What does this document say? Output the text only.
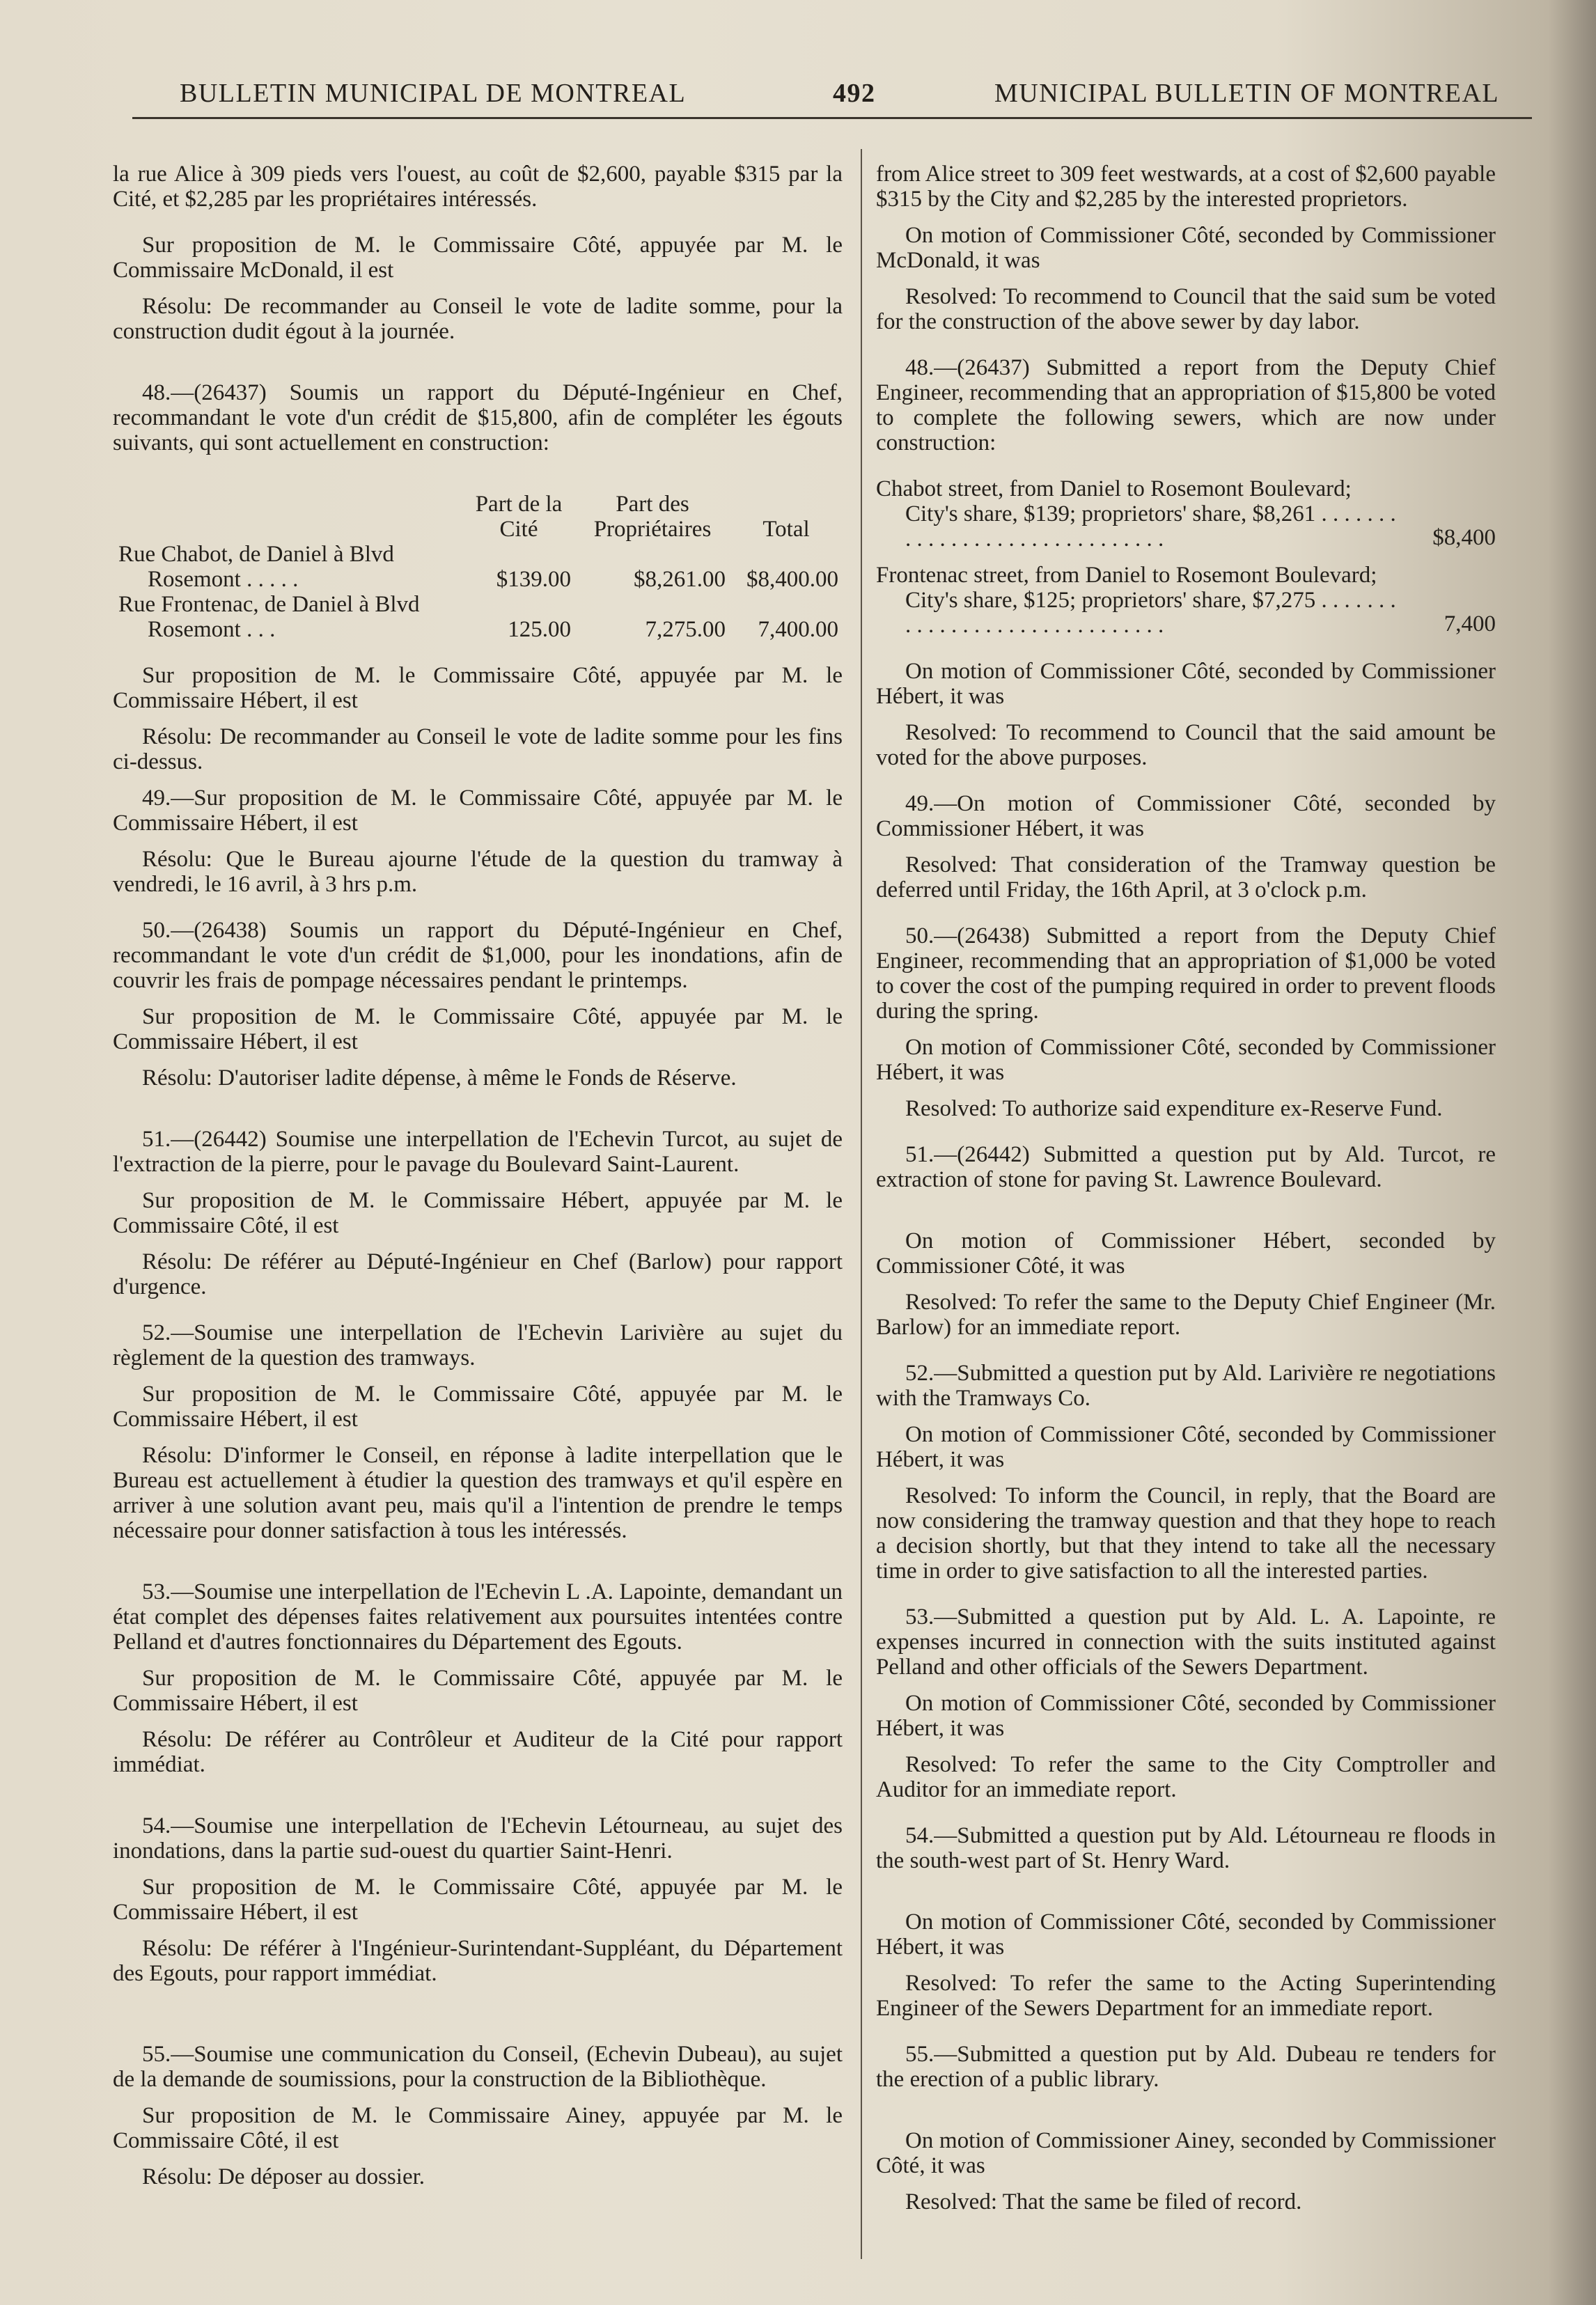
BULLETIN MUNICIPAL DE MONTREAL	492	MUNICIPAL BULLETIN OF MONTREAL

la rue Alice à 309 pieds vers l'ouest, au coût de $2,600, payable $315 par la Cité, et $2,285 par les propriétaires intéressés.

Sur proposition de M. le Commissaire Côté, appuyée par M. le Commissaire McDonald, il est

Résolu: De recommander au Conseil le vote de ladite somme, pour la construction dudit égout à la journée.

48.—(26437) Soumis un rapport du Député-Ingénieur en Chef, recommandant le vote d'un crédit de $15,800, afin de compléter les égouts suivants, qui sont actuellement en construction:

	Part de la Cité	Part des Propriétaires	Total
Rue Chabot, de Daniel à Blvd Rosemont . . . . .	$139.00	$8,261.00	$8,400.00
Rue Frontenac, de Daniel à Blvd Rosemont . . .	125.00	7,275.00	7,400.00

Sur proposition de M. le Commissaire Côté, appuyée par M. le Commissaire Hébert, il est

Résolu: De recommander au Conseil le vote de ladite somme pour les fins ci-dessus.

49.—Sur proposition de M. le Commissaire Côté, appuyée par M. le Commissaire Hébert, il est

Résolu: Que le Bureau ajourne l'étude de la question du tramway à vendredi, le 16 avril, à 3 hrs p.m.

50.—(26438) Soumis un rapport du Député-Ingénieur en Chef, recommandant le vote d'un crédit de $1,000, pour les inondations, afin de couvrir les frais de pompage nécessaires pendant le printemps.

Sur proposition de M. le Commissaire Côté, appuyée par M. le Commissaire Hébert, il est

Résolu: D'autoriser ladite dépense, à même le Fonds de Réserve.

51.—(26442) Soumise une interpellation de l'Echevin Turcot, au sujet de l'extraction de la pierre, pour le pavage du Boulevard Saint-Laurent.

Sur proposition de M. le Commissaire Hébert, appuyée par M. le Commissaire Côté, il est

Résolu: De référer au Député-Ingénieur en Chef (Barlow) pour rapport d'urgence.

52.—Soumise une interpellation de l'Echevin Larivière au sujet du règlement de la question des tramways.

Sur proposition de M. le Commissaire Côté, appuyée par M. le Commissaire Hébert, il est

Résolu: D'informer le Conseil, en réponse à ladite interpellation que le Bureau est actuellement à étudier la question des tramways et qu'il espère en arriver à une solution avant peu, mais qu'il a l'intention de prendre le temps nécessaire pour donner satisfaction à tous les intéressés.

53.—Soumise une interpellation de l'Echevin L .A. Lapointe, demandant un état complet des dépenses faites relativement aux poursuites intentées contre Pelland et d'autres fonctionnaires du Département des Egouts.

Sur proposition de M. le Commissaire Côté, appuyée par M. le Commissaire Hébert, il est

Résolu: De référer au Contrôleur et Auditeur de la Cité pour rapport immédiat.

54.—Soumise une interpellation de l'Echevin Létourneau, au sujet des inondations, dans la partie sud-ouest du quartier Saint-Henri.

Sur proposition de M. le Commissaire Côté, appuyée par M. le Commissaire Hébert, il est

Résolu: De référer à l'Ingénieur-Surintendant-Suppléant, du Département des Egouts, pour rapport immédiat.

55.—Soumise une communication du Conseil, (Echevin Dubeau), au sujet de la demande de soumissions, pour la construction de la Bibliothèque.

Sur proposition de M. le Commissaire Ainey, appuyée par M. le Commissaire Côté, il est

Résolu: De déposer au dossier.

from Alice street to 309 feet westwards, at a cost of $2,600 payable $315 by the City and $2,285 by the interested proprietors.

On motion of Commissioner Côté, seconded by Commissioner McDonald, it was

Resolved: To recommend to Council that the said sum be voted for the construction of the above sewer by day labor.

48.—(26437) Submitted a report from the Deputy Chief Engineer, recommending that an appropriation of $15,800 be voted to complete the following sewers, which are now under construction:

Chabot street, from Daniel to Rosemont Boulevard; City's share, $139; proprietors' share, $8,261 . . . . . . . . . . . . . . . . . . . . . . . . . . . . . .	$8,400
Frontenac street, from Daniel to Rosemont Boulevard; City's share, $125; proprietors' share, $7,275 . . . . . . . . . . . . . . . . . . . . . . . . . . . . . .	7,400

On motion of Commissioner Côté, seconded by Commissioner Hébert, it was

Resolved: To recommend to Council that the said amount be voted for the above purposes.

49.—On motion of Commissioner Côté, seconded by Commissioner Hébert, it was

Resolved: That consideration of the Tramway question be deferred until Friday, the 16th April, at 3 o'clock p.m.

50.—(26438) Submitted a report from the Deputy Chief Engineer, recommending that an appropriation of $1,000 be voted to cover the cost of the pumping required in order to prevent floods during the spring.

On motion of Commissioner Côté, seconded by Commissioner Hébert, it was

Resolved: To authorize said expenditure ex-Reserve Fund.

51.—(26442) Submitted a question put by Ald. Turcot, re extraction of stone for paving St. Lawrence Boulevard.

On motion of Commissioner Hébert, seconded by Commissioner Côté, it was

Resolved: To refer the same to the Deputy Chief Engineer (Mr. Barlow) for an immediate report.

52.—Submitted a question put by Ald. Larivière re negotiations with the Tramways Co.

On motion of Commissioner Côté, seconded by Commissioner Hébert, it was

Resolved: To inform the Council, in reply, that the Board are now considering the tramway question and that they hope to reach a decision shortly, but that they intend to take all the necessary time in order to give satisfaction to all the interested parties.

53.—Submitted a question put by Ald. L. A. Lapointe, re expenses incurred in connection with the suits instituted against Pelland and other officials of the Sewers Department.

On motion of Commissioner Côté, seconded by Commissioner Hébert, it was

Resolved: To refer the same to the City Comptroller and Auditor for an immediate report.

54.—Submitted a question put by Ald. Létourneau re floods in the south-west part of St. Henry Ward.

On motion of Commissioner Côté, seconded by Commissioner Hébert, it was

Resolved: To refer the same to the Acting Superintending Engineer of the Sewers Department for an immediate report.

55.—Submitted a question put by Ald. Dubeau re tenders for the erection of a public library.

On motion of Commissioner Ainey, seconded by Commissioner Côté, it was

Resolved: That the same be filed of record.
